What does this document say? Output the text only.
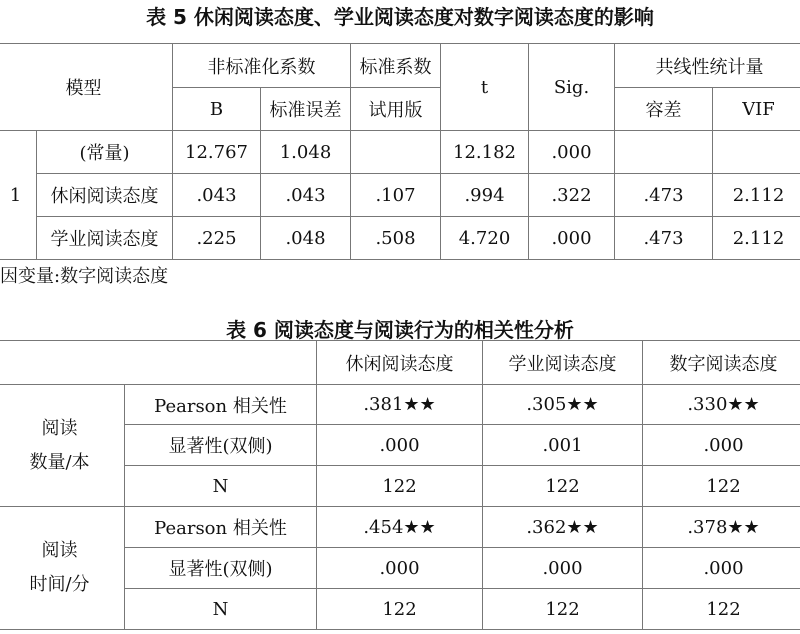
表 5 休闲阅读态度、学业阅读态度对数字阅读态度的影响
模型		非标准化系数		标准系数	t	Sig.	共线性统计量	
		B	标准误差	试用版			容差	VIF
1	(常量)	12.767	1.048		12.182	.000		
	休闲阅读态度	.043	.043	.107	.994	.322	.473	2.112
	学业阅读态度	.225	.048	.508	4.720	.000	.473	2.112
因变量:数字阅读态度
表 6 阅读态度与阅读行为的相关性分析
		休闲阅读态度	学业阅读态度	数字阅读态度

阅读
数量/本	Pearson 相关性	.381★★	.305★★	.330★★
	显著性(双侧)	.000	.001	.000
	N	122	122	122

阅读
时间/分	Pearson 相关性	.454★★	.362★★	.378★★
	显著性(双侧)	.000	.000	.000
	N	122	122	122
